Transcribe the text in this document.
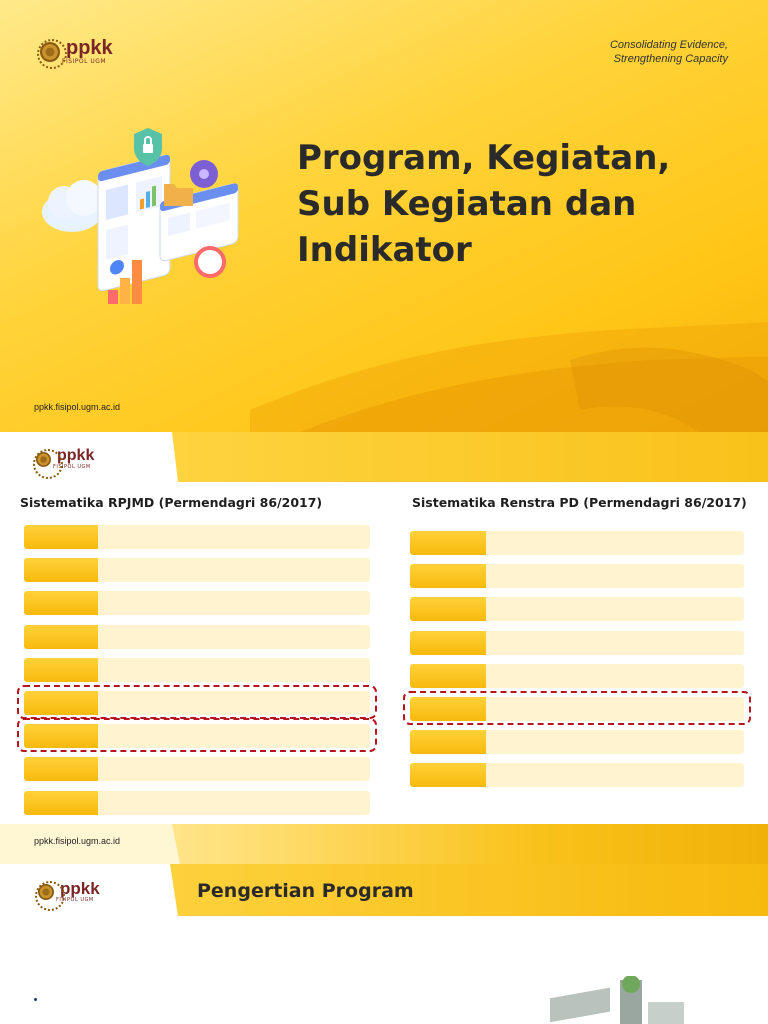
ppkk
FISIPOL UGM
Consolidating Evidence,
Strengthening Capacity
Program, Kegiatan,
Sub Kegiatan dan
Indikator
ppkk.fisipol.ugm.ac.id
ppkk
FISIPOL UGM
Sistematika RPJMD (Permendagri 86/2017)	Sistematika Renstra PD (Permendagri 86/2017)
ppkk.fisipol.ugm.ac.id
ppkk
FISIPOL UGM	Pengertian Program
